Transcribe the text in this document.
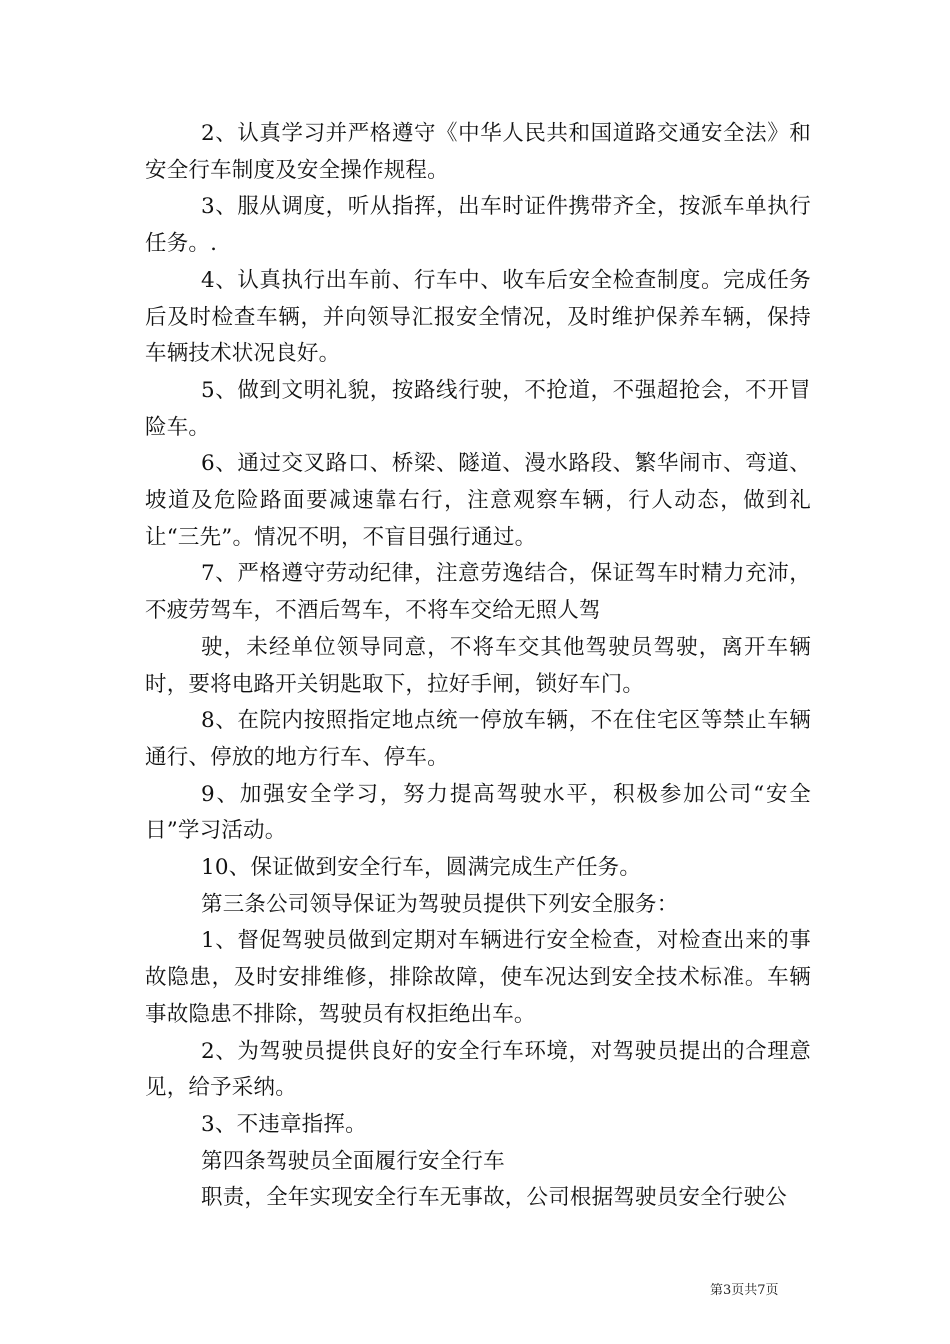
2、认真学习并严格遵守《中华人民共和国道路交通安全法》和安全行车制度及安全操作规程。

3、服从调度，听从指挥，出车时证件携带齐全，按派车单执行任务。.

4、认真执行出车前、行车中、收车后安全检查制度。完成任务后及时检查车辆，并向领导汇报安全情况，及时维护保养车辆，保持车辆技术状况良好。

5、做到文明礼貌，按路线行驶，不抢道，不强超抢会，不开冒险车。

6、通过交叉路口、桥梁、隧道、漫水路段、繁华闹市、弯道、坡道及危险路面要减速靠右行，注意观察车辆，行人动态，做到礼让“三先”。情况不明，不盲目强行通过。

7、严格遵守劳动纪律，注意劳逸结合，保证驾车时精力充沛，不疲劳驾车，不酒后驾车，不将车交给无照人驾

驶，未经单位领导同意，不将车交其他驾驶员驾驶，离开车辆时，要将电路开关钥匙取下，拉好手闸，锁好车门。

8、在院内按照指定地点统一停放车辆，不在住宅区等禁止车辆通行、停放的地方行车、停车。

9、加强安全学习，努力提高驾驶水平，积极参加公司“安全日”学习活动。

10、保证做到安全行车，圆满完成生产任务。

第三条公司领导保证为驾驶员提供下列安全服务：

1、督促驾驶员做到定期对车辆进行安全检查，对检查出来的事故隐患，及时安排维修，排除故障，使车况达到安全技术标准。车辆事故隐患不排除，驾驶员有权拒绝出车。

2、为驾驶员提供良好的安全行车环境，对驾驶员提出的合理意见，给予采纳。

3、不违章指挥。

第四条驾驶员全面履行安全行车

职责，全年实现安全行车无事故，公司根据驾驶员安全行驶公

第3页共7页
